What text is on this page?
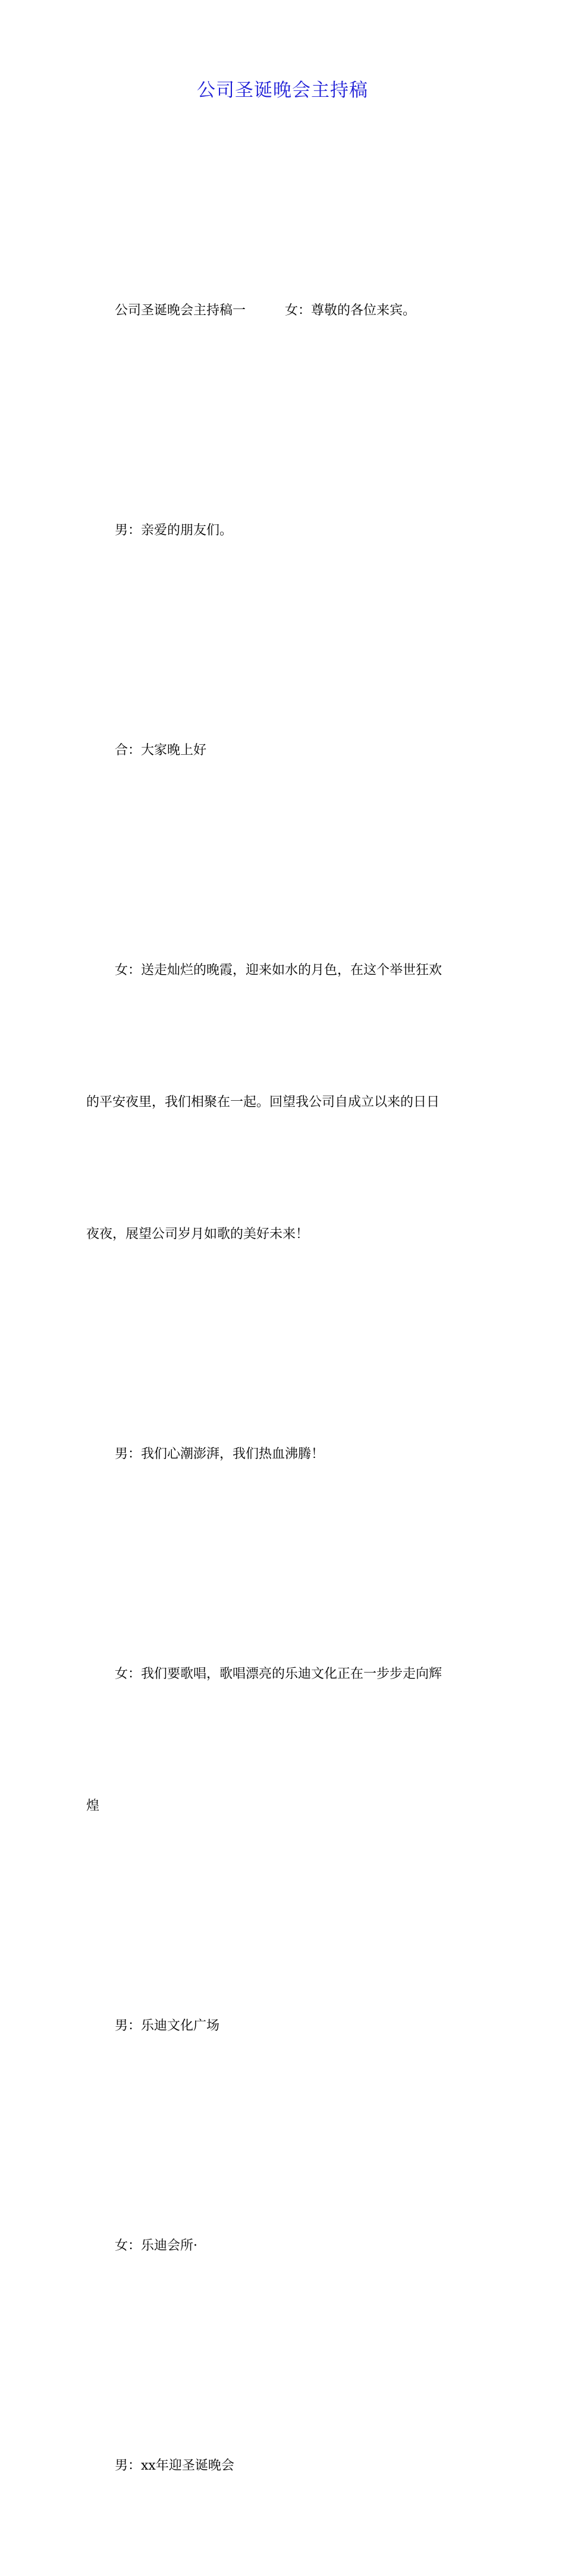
公司圣诞晚会主持稿

公司圣诞晚会主持稿一　　　女：尊敬的各位来宾。

男：亲爱的朋友们。

合：大家晚上好

女：送走灿烂的晚霞，迎来如水的月色，在这个举世狂欢

的平安夜里，我们相聚在一起。回望我公司自成立以来的日日

夜夜，展望公司岁月如歌的美好未来！

男：我们心潮澎湃，我们热血沸腾！

女：我们要歌唱，歌唱漂亮的乐迪文化正在一步步走向辉

煌

男：乐迪文化广场

女：乐迪会所·

男：xx年迎圣诞晚会
